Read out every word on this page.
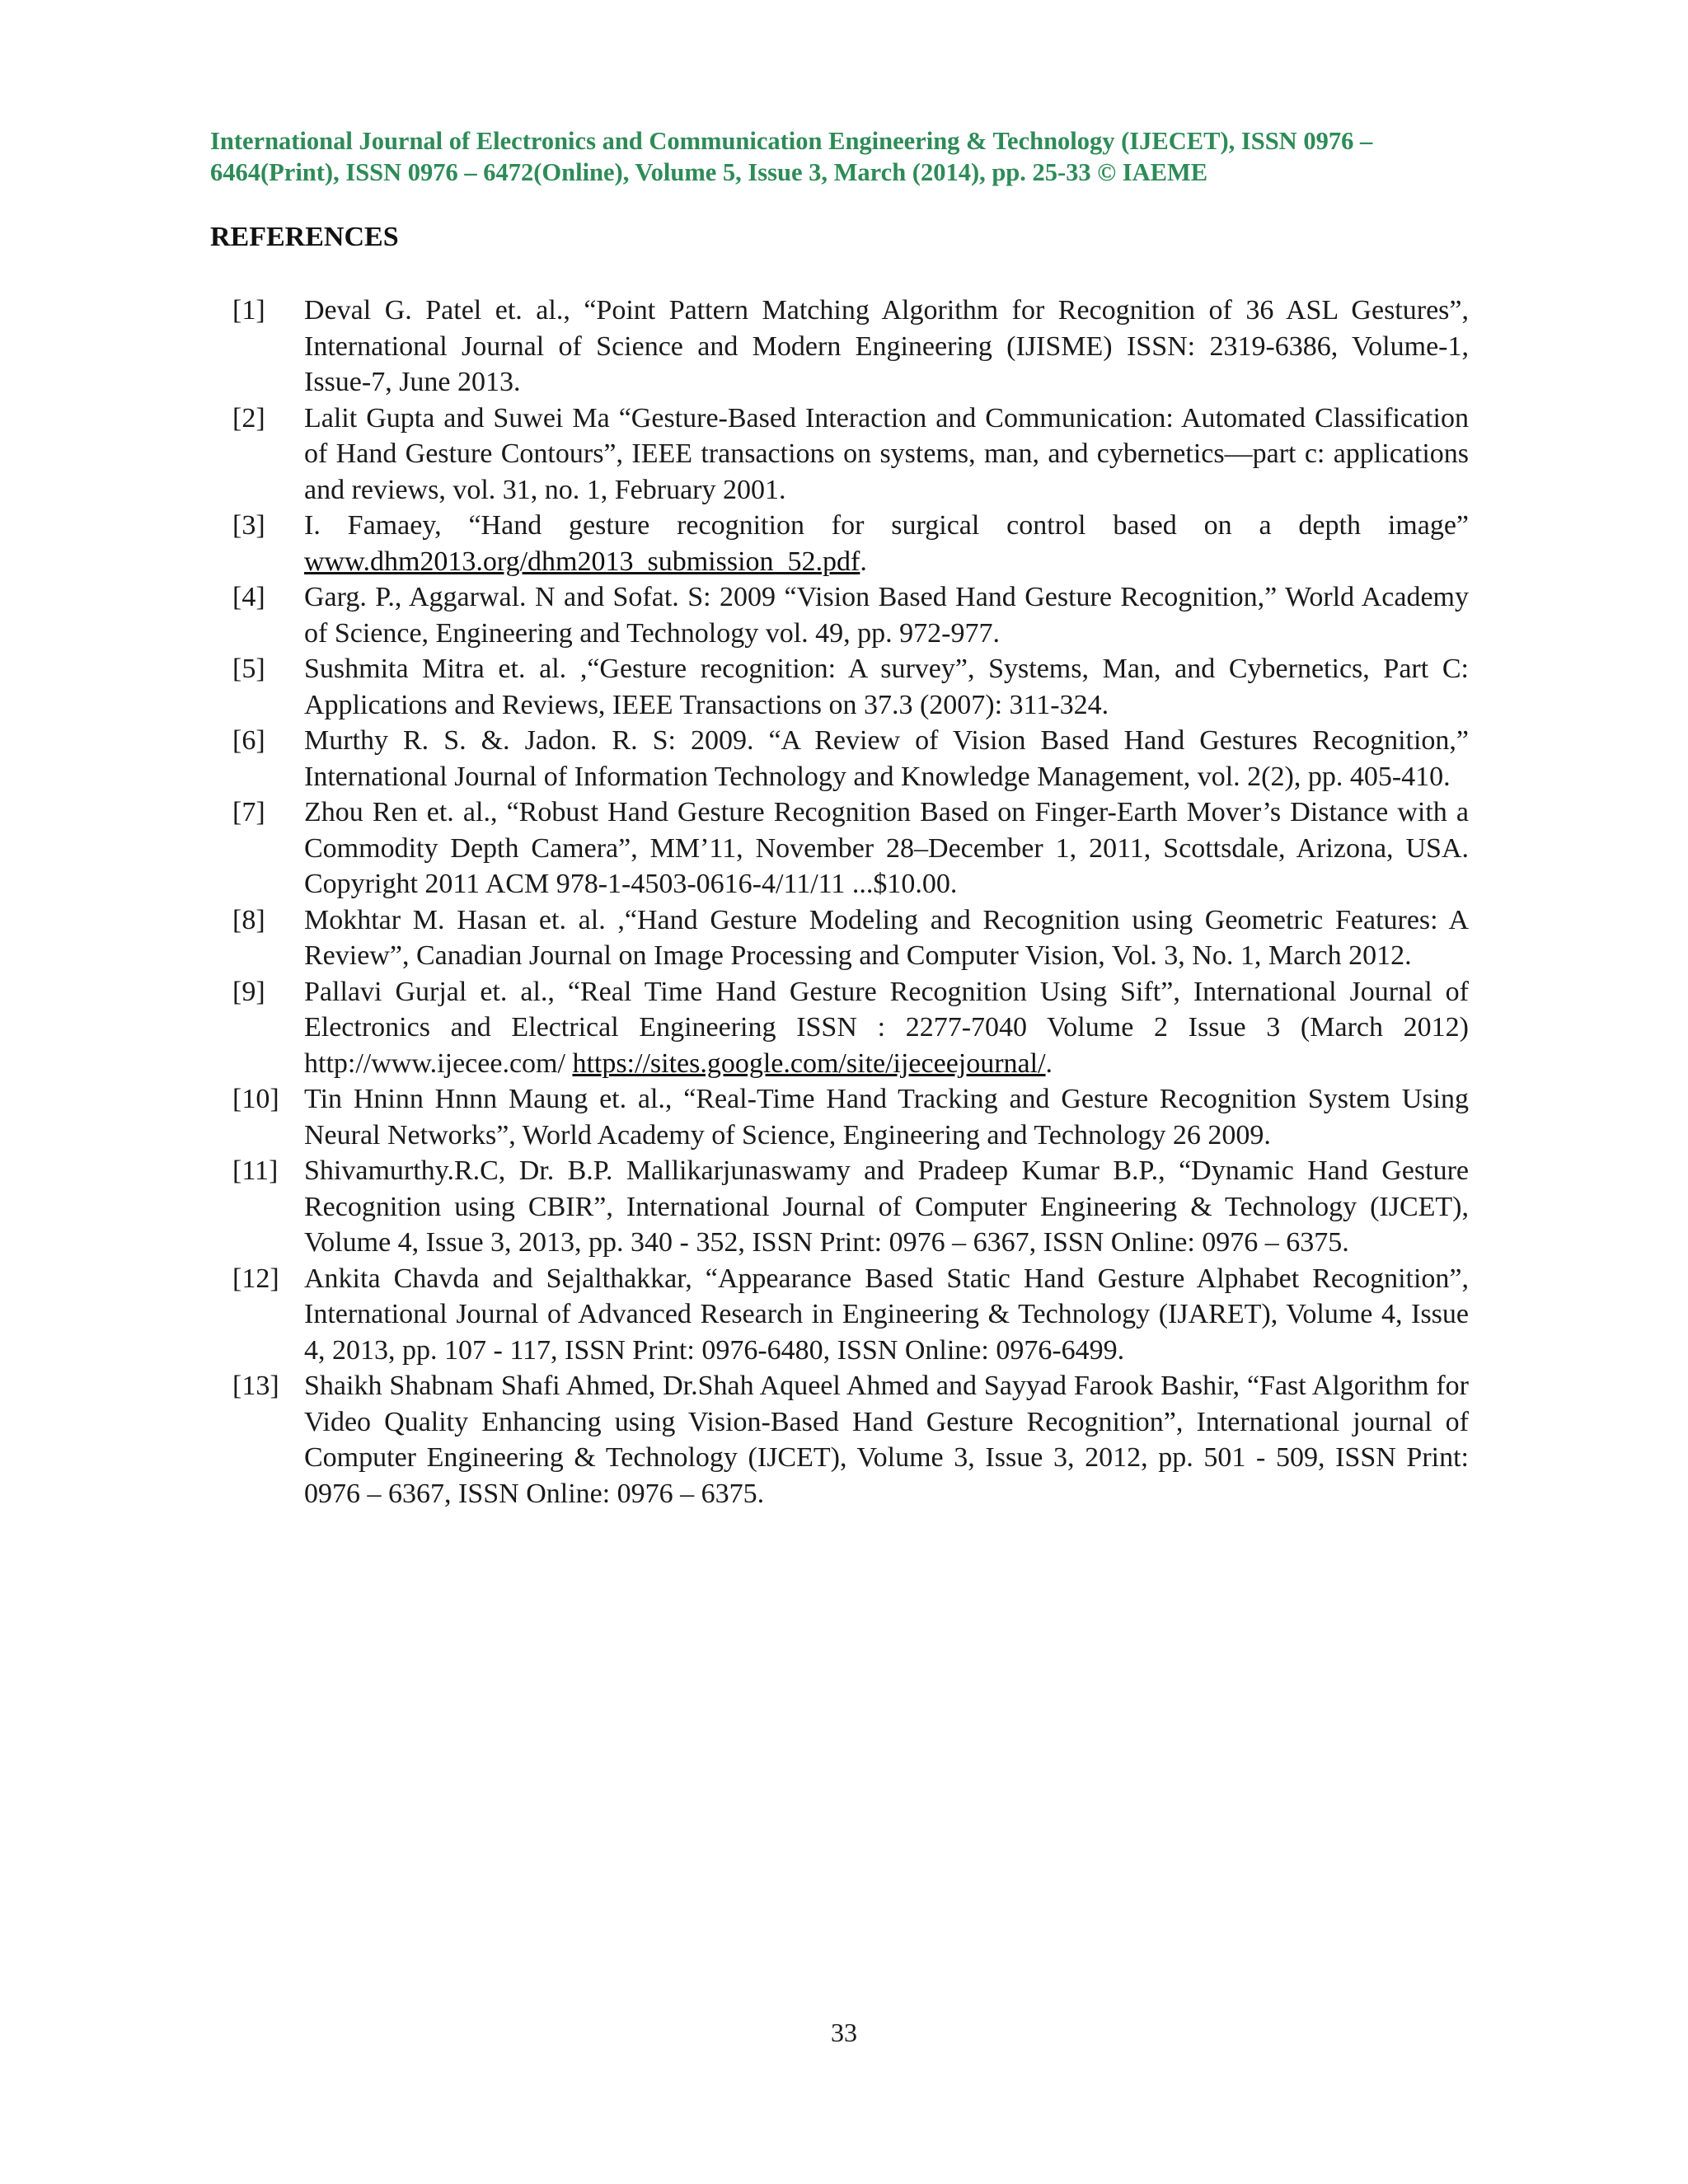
International Journal of Electronics and Communication Engineering & Technology (IJECET), ISSN 0976 –
6464(Print), ISSN 0976 – 6472(Online), Volume 5, Issue 3, March (2014), pp. 25-33 © IAEME
REFERENCES
[1] Deval G. Patel et. al., “Point Pattern Matching Algorithm for Recognition of 36 ASL Gestures”, International Journal of Science and Modern Engineering (IJISME) ISSN: 2319-6386, Volume-1, Issue-7, June 2013.
[2] Lalit Gupta and Suwei Ma “Gesture-Based Interaction and Communication: Automated Classification of Hand Gesture Contours”, IEEE transactions on systems, man, and cybernetics—part c: applications and reviews, vol. 31, no. 1, February 2001.
[3] I. Famaey, “Hand gesture recognition for surgical control based on a depth image” www.dhm2013.org/dhm2013_submission_52.pdf.
[4] Garg. P., Aggarwal. N and Sofat. S: 2009 “Vision Based Hand Gesture Recognition,” World Academy of Science, Engineering and Technology vol. 49, pp. 972-977.
[5] Sushmita Mitra et. al. ,“Gesture recognition: A survey”, Systems, Man, and Cybernetics, Part C: Applications and Reviews, IEEE Transactions on 37.3 (2007): 311-324.
[6] Murthy R. S. &. Jadon. R. S: 2009. “A Review of Vision Based Hand Gestures Recognition,” International Journal of Information Technology and Knowledge Management, vol. 2(2), pp. 405-410.
[7] Zhou Ren et. al., “Robust Hand Gesture Recognition Based on Finger-Earth Mover’s Distance with a Commodity Depth Camera”, MM’11, November 28–December 1, 2011, Scottsdale, Arizona, USA. Copyright 2011 ACM 978-1-4503-0616-4/11/11 ...$10.00.
[8] Mokhtar M. Hasan et. al. ,“Hand Gesture Modeling and Recognition using Geometric Features: A Review”, Canadian Journal on Image Processing and Computer Vision, Vol. 3, No. 1, March 2012.
[9] Pallavi Gurjal et. al., “Real Time Hand Gesture Recognition Using Sift”, International Journal of Electronics and Electrical Engineering ISSN : 2277-7040 Volume 2 Issue 3 (March 2012) http://www.ijecee.com/ https://sites.google.com/site/ijeceejournal/.
[10] Tin Hninn Hnnn Maung et. al., “Real-Time Hand Tracking and Gesture Recognition System Using Neural Networks”, World Academy of Science, Engineering and Technology 26 2009.
[11] Shivamurthy.R.C, Dr. B.P. Mallikarjunaswamy and Pradeep Kumar B.P., “Dynamic Hand Gesture Recognition using CBIR”, International Journal of Computer Engineering & Technology (IJCET), Volume 4, Issue 3, 2013, pp. 340 - 352, ISSN Print: 0976 – 6367, ISSN Online: 0976 – 6375.
[12] Ankita Chavda and Sejalthakkar, “Appearance Based Static Hand Gesture Alphabet Recognition”, International Journal of Advanced Research in Engineering & Technology (IJARET), Volume 4, Issue 4, 2013, pp. 107 - 117, ISSN Print: 0976-6480, ISSN Online: 0976-6499.
[13] Shaikh Shabnam Shafi Ahmed, Dr.Shah Aqueel Ahmed and Sayyad Farook Bashir, “Fast Algorithm for Video Quality Enhancing using Vision-Based Hand Gesture Recognition”, International journal of Computer Engineering & Technology (IJCET), Volume 3, Issue 3, 2012, pp. 501 - 509, ISSN Print: 0976 – 6367, ISSN Online: 0976 – 6375.
33
